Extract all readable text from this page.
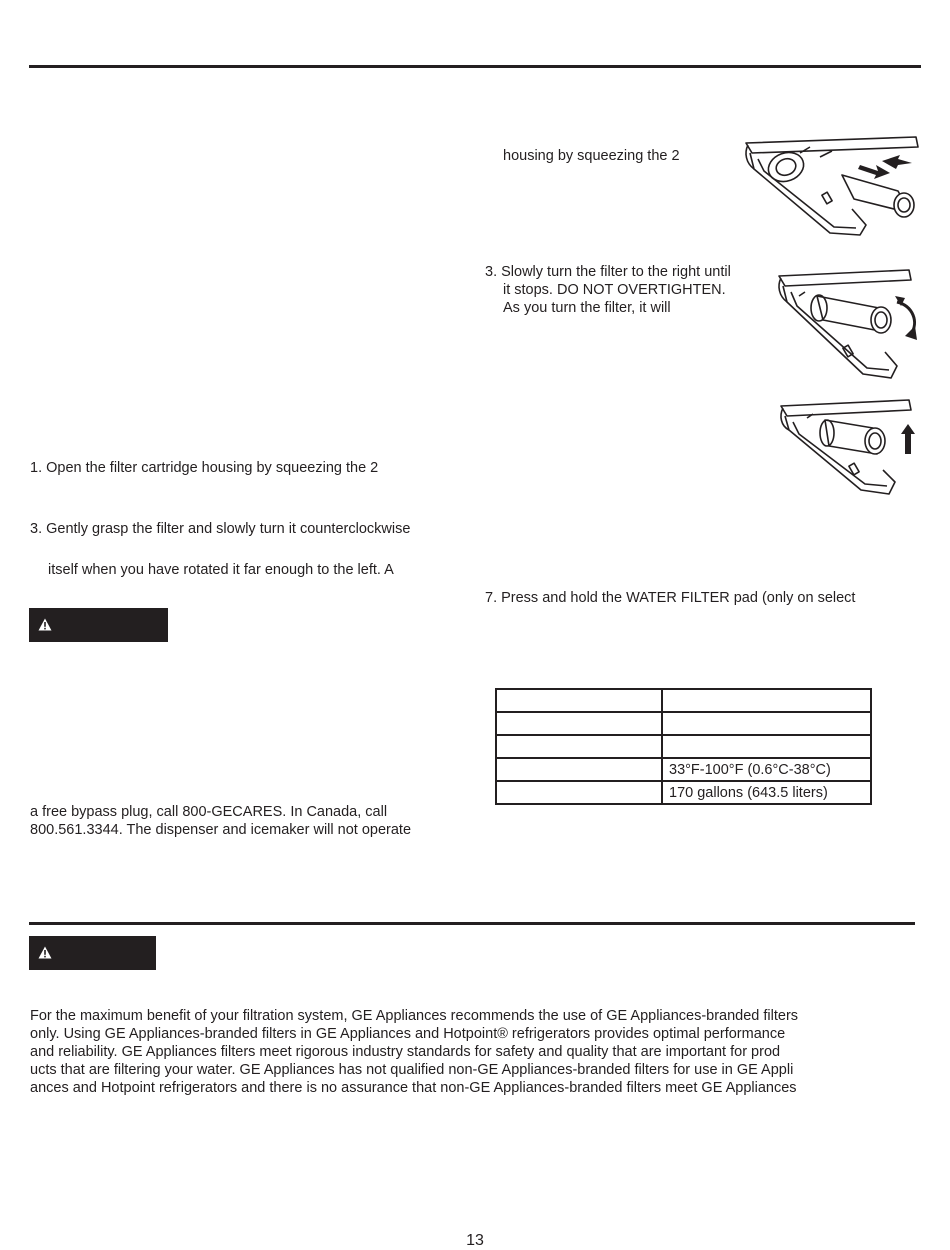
housing by squeezing the 2
3. Slowly turn the filter to the right until
it stops. DO NOT OVERTIGHTEN.
As you turn the filter, it will
7. Press and hold the WATER FILTER pad (only on select
1. Open the filter cartridge housing by squeezing the 2
3. Gently grasp the filter and slowly turn it counterclockwise
itself when you have rotated it far enough to the left. A
a free bypass plug, call 800-GECARES. In Canada, call
800.561.3344. The dispenser and icemaker will not operate

	33°F-100°F (0.6°C-38°C)
	170 gallons (643.5 liters)
For the maximum benefit of your filtration system, GE Appliances recommends the use of GE Appliances-branded filters
only. Using GE Appliances-branded filters in GE Appliances and Hotpoint® refrigerators provides optimal performance
and reliability. GE Appliances filters meet rigorous industry standards for safety and quality that are important for prod
ucts that are filtering your water. GE Appliances has not qualified non-GE Appliances-branded filters for use in GE Appli
ances and Hotpoint refrigerators and there is no assurance that non-GE Appliances-branded filters meet GE Appliances
13
